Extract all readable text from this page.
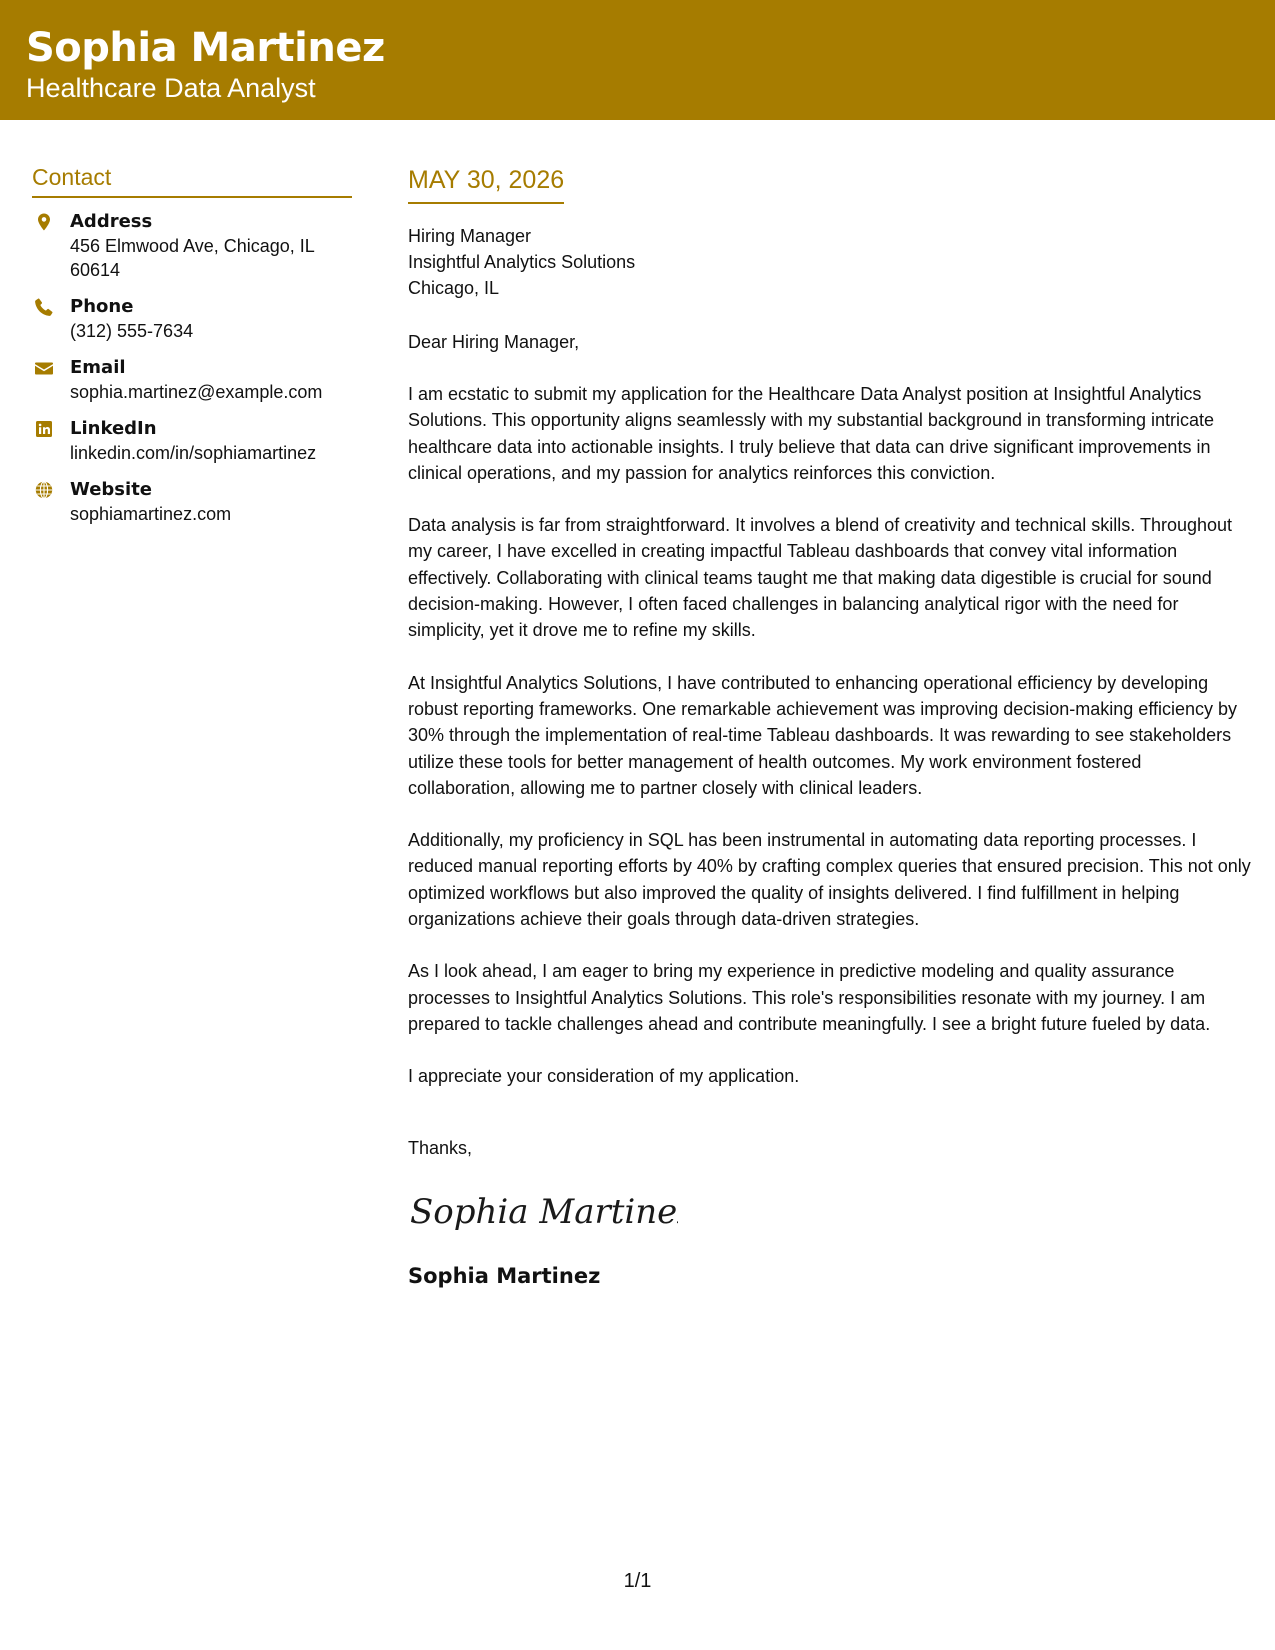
Sophia Martinez
Healthcare Data Analyst
Contact
Address
456 Elmwood Ave, Chicago, IL 60614
Phone
(312) 555-7634
Email
sophia.martinez@example.com
LinkedIn
linkedin.com/in/sophiamartinez
Website
sophiamartinez.com
MAY 30, 2026
Hiring Manager
Insightful Analytics Solutions
Chicago, IL
Dear Hiring Manager,

I am ecstatic to submit my application for the Healthcare Data Analyst position at Insightful Analytics Solutions. This opportunity aligns seamlessly with my substantial background in transforming intricate healthcare data into actionable insights. I truly believe that data can drive significant improvements in clinical operations, and my passion for analytics reinforces this conviction.

Data analysis is far from straightforward. It involves a blend of creativity and technical skills. Throughout my career, I have excelled in creating impactful Tableau dashboards that convey vital information effectively. Collaborating with clinical teams taught me that making data digestible is crucial for sound decision-making. However, I often faced challenges in balancing analytical rigor with the need for simplicity, yet it drove me to refine my skills.

At Insightful Analytics Solutions, I have contributed to enhancing operational efficiency by developing robust reporting frameworks. One remarkable achievement was improving decision-making efficiency by 30% through the implementation of real-time Tableau dashboards. It was rewarding to see stakeholders utilize these tools for better management of health outcomes. My work environment fostered collaboration, allowing me to partner closely with clinical leaders.

Additionally, my proficiency in SQL has been instrumental in automating data reporting processes. I reduced manual reporting efforts by 40% by crafting complex queries that ensured precision. This not only optimized workflows but also improved the quality of insights delivered. I find fulfillment in helping organizations achieve their goals through data-driven strategies.

As I look ahead, I am eager to bring my experience in predictive modeling and quality assurance processes to Insightful Analytics Solutions. This role's responsibilities resonate with my journey. I am prepared to tackle challenges ahead and contribute meaningfully. I see a bright future fueled by data.

I appreciate your consideration of my application.

Thanks,
Sophia Martinez
Sophia Martinez
1/1
